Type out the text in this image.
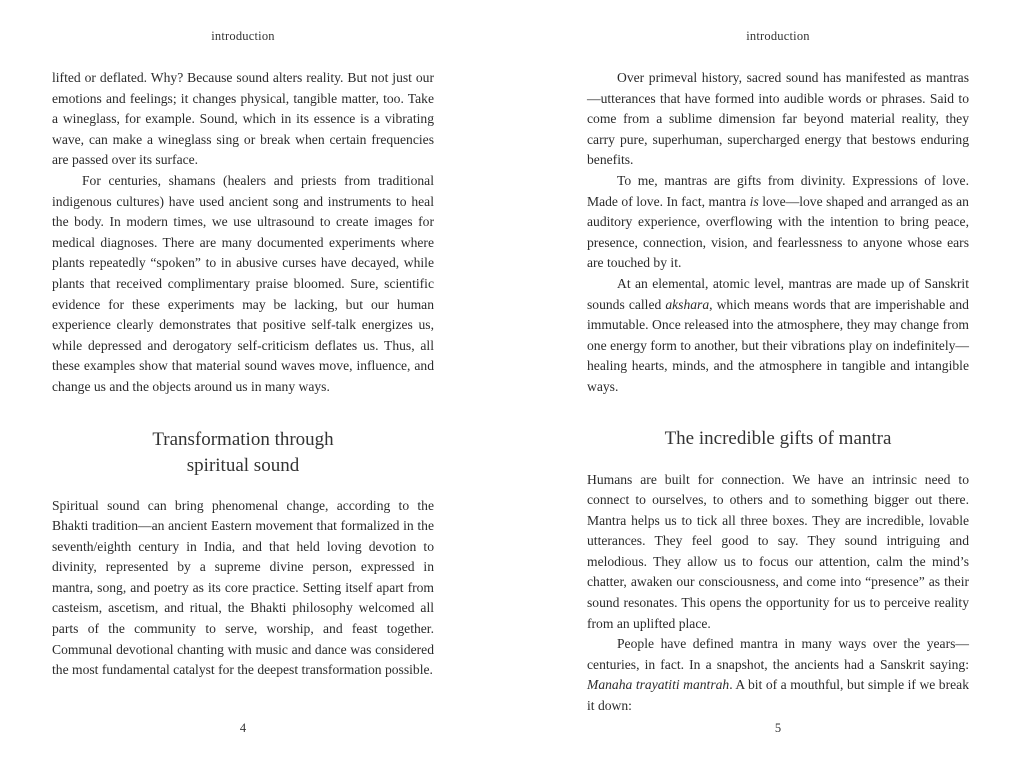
introduction

lifted or deflated. Why? Because sound alters reality. But not just our emotions and feelings; it changes physical, tangible matter, too. Take a wineglass, for example. Sound, which in its essence is a vibrating wave, can make a wineglass sing or break when certain frequencies are passed over its surface.

For centuries, shamans (healers and priests from traditional indigenous cultures) have used ancient song and instruments to heal the body. In modern times, we use ultrasound to create images for medical diagnoses. There are many documented experiments where plants repeatedly “spoken” to in abusive curses have decayed, while plants that received complimentary praise bloomed. Sure, scientific evidence for these experiments may be lacking, but our human experience clearly demonstrates that positive self-talk energizes us, while depressed and derogatory self-criticism deflates us. Thus, all these examples show that material sound waves move, influence, and change us and the objects around us in many ways.

Transformation through
spiritual sound

Spiritual sound can bring phenomenal change, according to the Bhakti tradition—an ancient Eastern movement that formalized in the seventh/eighth century in India, and that held loving devotion to divinity, represented by a supreme divine person, expressed in mantra, song, and poetry as its core practice. Setting itself apart from casteism, ascetism, and ritual, the Bhakti philosophy welcomed all parts of the community to serve, worship, and feast together. Communal devotional chanting with music and dance was considered the most fundamental catalyst for the deepest transformation possible.

4
introduction

Over primeval history, sacred sound has manifested as mantras—utterances that have formed into audible words or phrases. Said to come from a sublime dimension far beyond material reality, they carry pure, superhuman, supercharged energy that bestows enduring benefits.

To me, mantras are gifts from divinity. Expressions of love. Made of love. In fact, mantra is love—love shaped and arranged as an auditory experience, overflowing with the intention to bring peace, presence, connection, vision, and fearlessness to anyone whose ears are touched by it.

At an elemental, atomic level, mantras are made up of Sanskrit sounds called akshara, which means words that are imperishable and immutable. Once released into the atmosphere, they may change from one energy form to another, but their vibrations play on indefinitely—healing hearts, minds, and the atmosphere in tangible and intangible ways.

The incredible gifts of mantra

Humans are built for connection. We have an intrinsic need to connect to ourselves, to others and to something bigger out there. Mantra helps us to tick all three boxes. They are incredible, lovable utterances. They feel good to say. They sound intriguing and melodious. They allow us to focus our attention, calm the mind’s chatter, awaken our consciousness, and come into “presence” as their sound resonates. This opens the opportunity for us to perceive reality from an uplifted place.

People have defined mantra in many ways over the years—centuries, in fact. In a snapshot, the ancients had a Sanskrit saying: Manaha trayatiti mantrah. A bit of a mouthful, but simple if we break it down:

5
